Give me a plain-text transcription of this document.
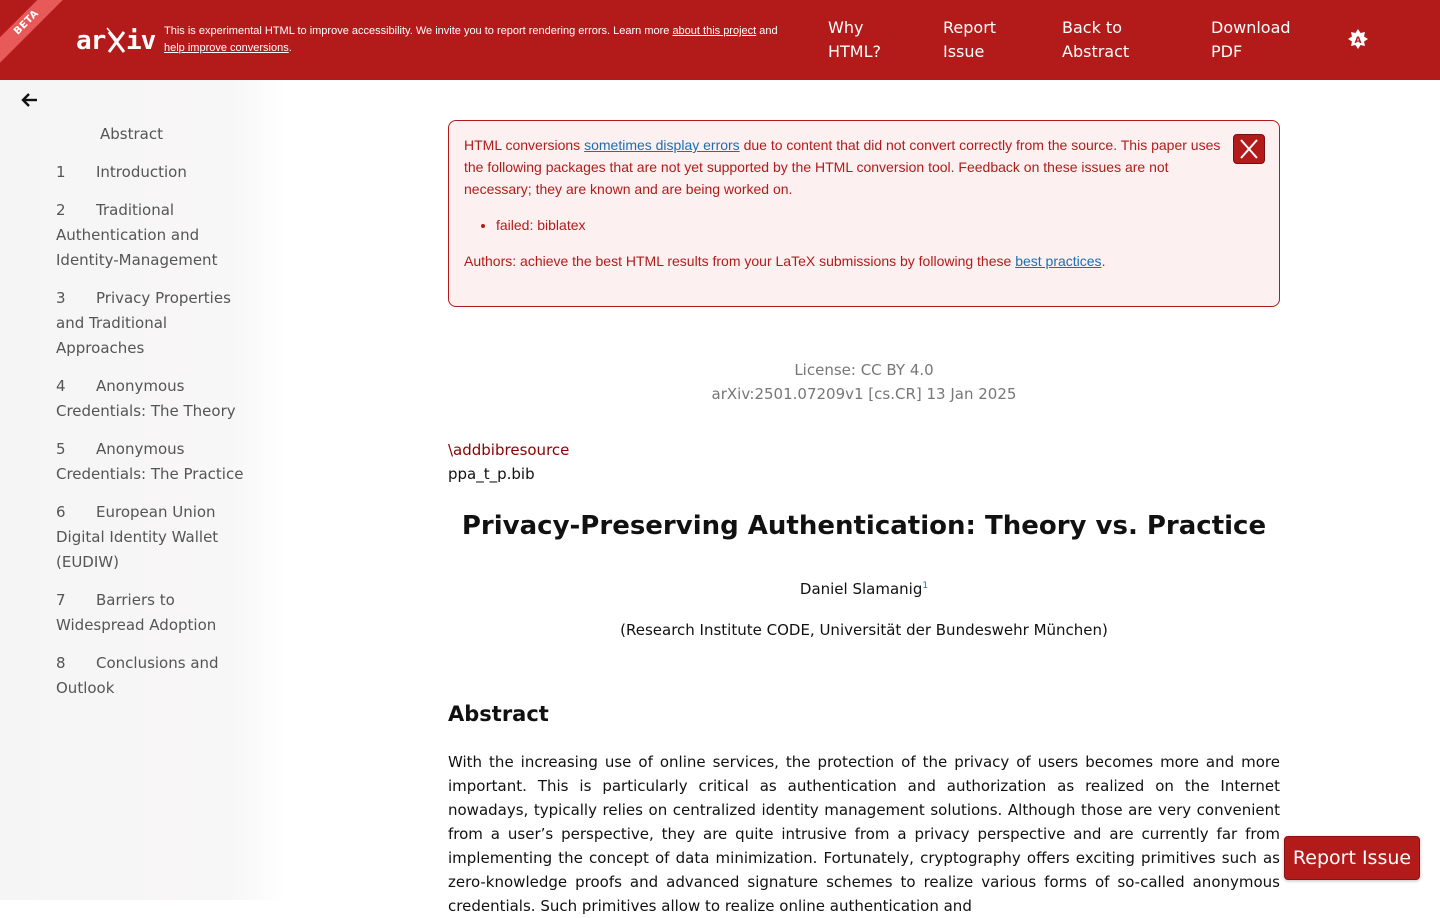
BETA
ar iv This is experimental HTML to improve accessibility. We invite you to report rendering errors. Learn more about this project and
help improve conversions.
Why HTML?
Report Issue
Back to Abstract
Download PDF
A
Abstract
1 Introduction
2 Traditional Authentication and Identity-Management
3 Privacy Properties and Traditional Approaches
4 Anonymous Credentials: The Theory
5 Anonymous Credentials: The Practice
6 European Union Digital Identity Wallet (EUDIW)
7 Barriers to Widespread Adoption
8 Conclusions and Outlook

HTML conversions sometimes display errors due to content that did not convert correctly from the source. This paper uses the following packages that are not yet supported by the HTML conversion tool. Feedback on these issues are not necessary; they are known and are being worked on.

• failed: biblatex

Authors: achieve the best HTML results from your LaTeX submissions by following these best practices.

License: CC BY 4.0
arXiv:2501.07209v1 [cs.CR] 13 Jan 2025
\addbibresource
ppa_t_p.bib
Privacy-Preserving Authentication: Theory vs. Practice
Daniel Slamanig$^1$
(Research Institute CODE, Universität der Bundeswehr München)
Abstract

With the increasing use of online services, the protection of the privacy of users becomes more and more important. This is particularly critical as authentication and authorization as realized on the Internet nowadays, typically relies on centralized identity management solutions. Although those are very convenient from a user’s perspective, they are quite intrusive from a privacy perspective and are currently far from implementing the concept of data minimization. Fortunately, cryptography offers exciting primitives such as zero-knowledge proofs and advanced signature schemes to realize various forms of so-called anonymous credentials. Such primitives allow to realize online authentication and

Report Issue
